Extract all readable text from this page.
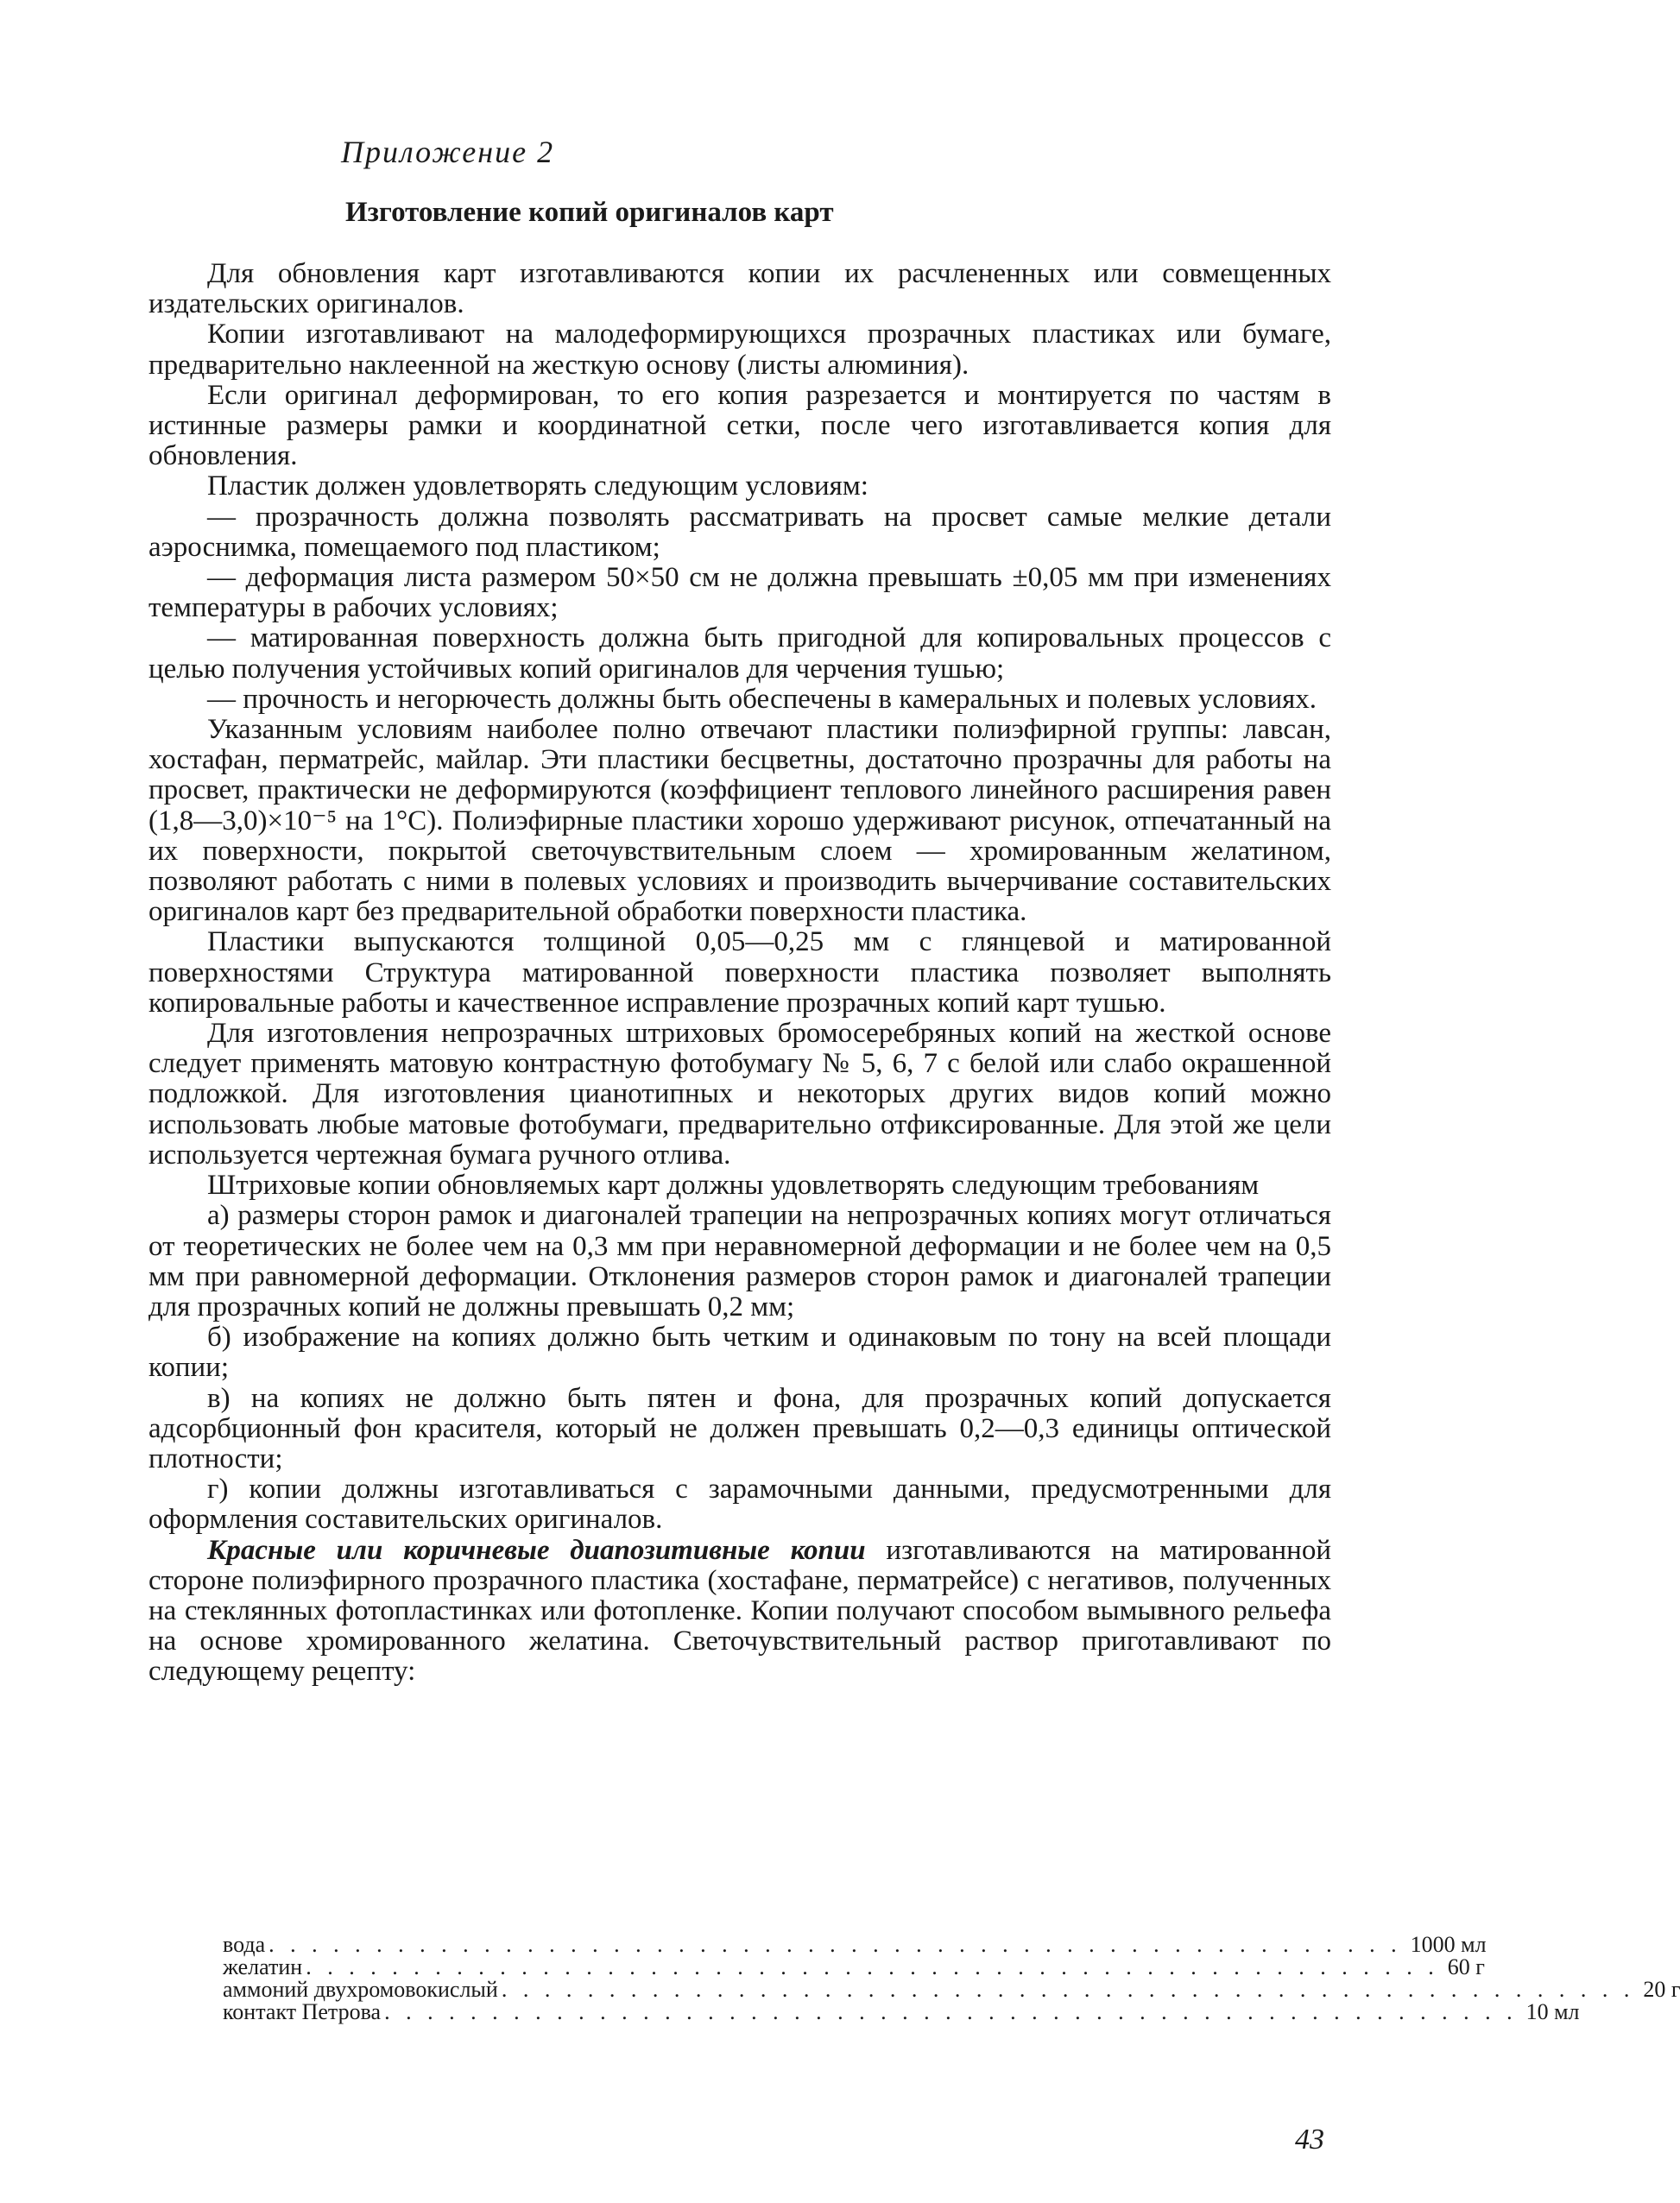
Приложение 2
Изготовление копий оригиналов карт

Для обновления карт изготавливаются копии их расчлененных или совмещенных издательских оригиналов.

Копии изготавливают на малодеформирующихся прозрачных пластиках или бумаге, предварительно наклеенной на жесткую основу (листы алюминия).

Если оригинал деформирован, то его копия разрезается и монтируется по частям в истинные размеры рамки и координатной сетки, после чего изготавливается копия для обновления.

Пластик должен удовлетворять следующим условиям:

— прозрачность должна позволять рассматривать на просвет самые мелкие детали аэроснимка, помещаемого под пластиком;

— деформация листа размером 50×50 см не должна превышать ±0,05 мм при изменениях температуры в рабочих условиях;

— матированная поверхность должна быть пригодной для копировальных процессов с целью получения устойчивых копий оригиналов для черчения тушью;

— прочность и негорючесть должны быть обеспечены в камеральных и полевых условиях.

Указанным условиям наиболее полно отвечают пластики полиэфирной группы: лавсан, хостафан, перматрейс, майлар. Эти пластики бесцветны, достаточно прозрачны для работы на просвет, практически не деформируются (коэффициент теплового линейного расширения равен (1,8—3,0)×10⁻⁵ на 1°С). Полиэфирные пластики хорошо удерживают рисунок, отпечатанный на их поверхности, покрытой светочувствительным слоем — хромированным желатином, позволяют работать с ними в полевых условиях и производить вычерчивание составительских оригиналов карт без предварительной обработки поверхности пластика.

Пластики выпускаются толщиной 0,05—0,25 мм с глянцевой и матированной поверхностями Структура матированной поверхности пластика позволяет выполнять копировальные работы и качественное исправление прозрачных копий карт тушью.

Для изготовления непрозрачных штриховых бромосеребряных копий на жесткой основе следует применять матовую контрастную фотобумагу № 5, 6, 7 с белой или слабо окрашенной подложкой. Для изготовления цианотипных и некоторых других видов копий можно использовать любые матовые фотобумаги, предварительно отфиксированные. Для этой же цели используется чертежная бумага ручного отлива.

Штриховые копии обновляемых карт должны удовлетворять следующим требованиям

а) размеры сторон рамок и диагоналей трапеции на непрозрачных копиях могут отличаться от теоретических не более чем на 0,3 мм при неравномерной деформации и не более чем на 0,5 мм при равномерной деформации. Отклонения размеров сторон рамок и диагоналей трапеции для прозрачных копий не должны превышать 0,2 мм;

б) изображение на копиях должно быть четким и одинаковым по тону на всей площади копии;

в) на копиях не должно быть пятен и фона, для прозрачных копий допускается адсорбционный фон красителя, который не должен превышать 0,2—0,3 единицы оптической плотности;

г) копии должны изготавливаться с зарамочными данными, предусмотренными для оформления составительских оригиналов.

Красные или коричневые диапозитивные копии изготавливаются на матированной стороне полиэфирного прозрачного пластика (хостафане, перматрейсе) с негативов, полученных на стеклянных фотопластинках или фотопленке. Копии получают способом вымывного рельефа на основе хромированного желатина. Светочувствительный раствор приготавливают по следующему рецепту:

вода . . . . . . . . . . . . . . . . . . . . . . . . . . . . . . . . . . . . . . . . . . . . . . . . . . . . . 1000 мл
желатин . . . . . . . . . . . . . . . . . . . . . . . . . . . . . . . . . . . . . . . . . . . . . . . . . . . . . 60 г
аммоний двухромовокислый . . . . . . . . . . . . . . . . . . . . . . . . . . . . . . . . . . . . . . . . . . . . . . . . . . . . . 20 г
контакт Петрова . . . . . . . . . . . . . . . . . . . . . . . . . . . . . . . . . . . . . . . . . . . . . . . . . . . . . 10 мл
43
